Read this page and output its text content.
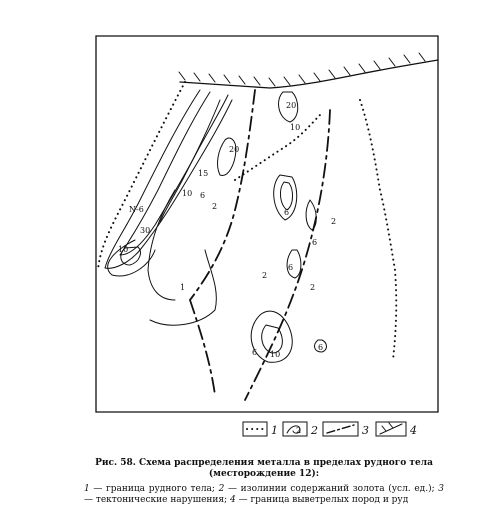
10
20
15
6
2
10
20
30
6
2
6
2
6
2
6 10
6
1
N-6
10
1 2 2	3	4
Рис. 58. Схема распределения металла в пределах рудного тела (месторождение 12):
1 — граница рудного тела; 2 — изолинии содержаний золота (усл. ед.); 3 — тектонические нарушения; 4 — граница выветрелых пород и руд
